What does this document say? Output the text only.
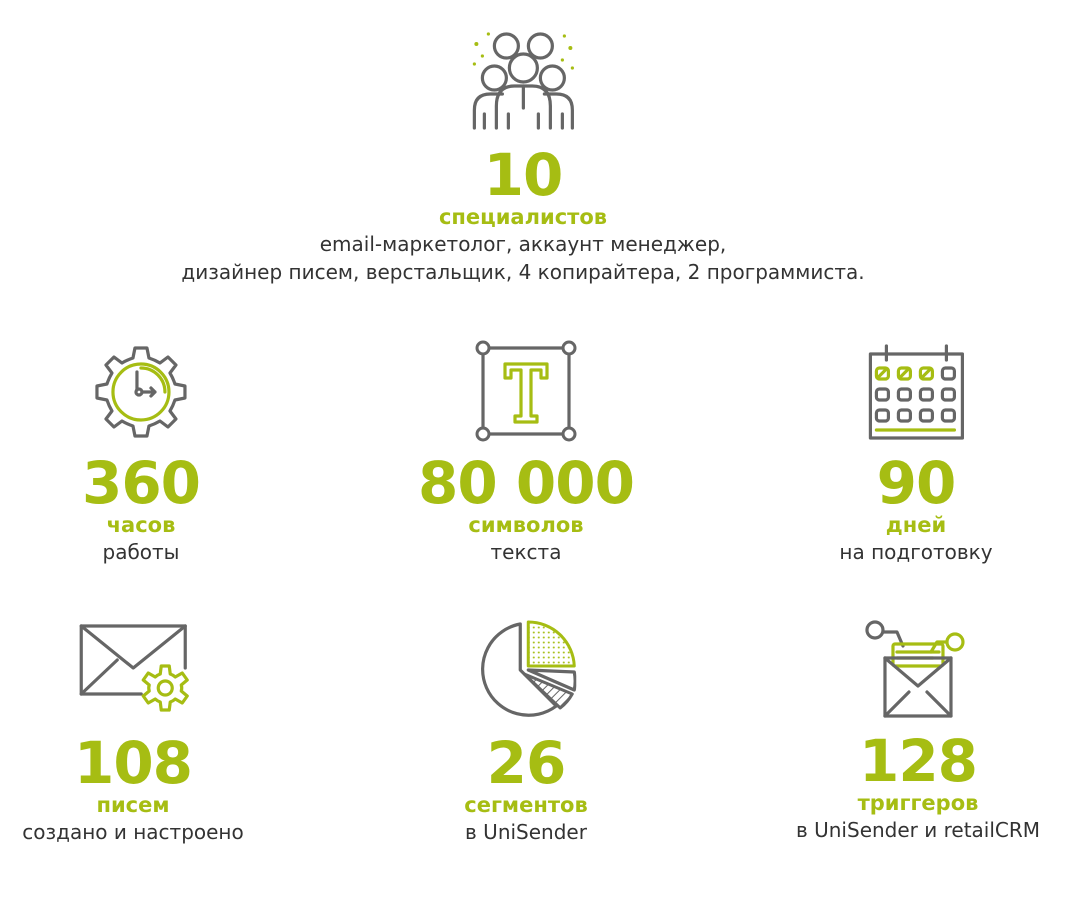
10
специалистов
email-маркетолог, аккаунт менеджер,
дизайнер писем, верстальщик, 4 копирайтера, 2 программиста.
360
часов
работы
80 000
символов
текста
90
дней
на подготовку
108
писем
создано и настроено
26
сегментов
в UniSender
128
триггеров
в UniSender и retailCRM
